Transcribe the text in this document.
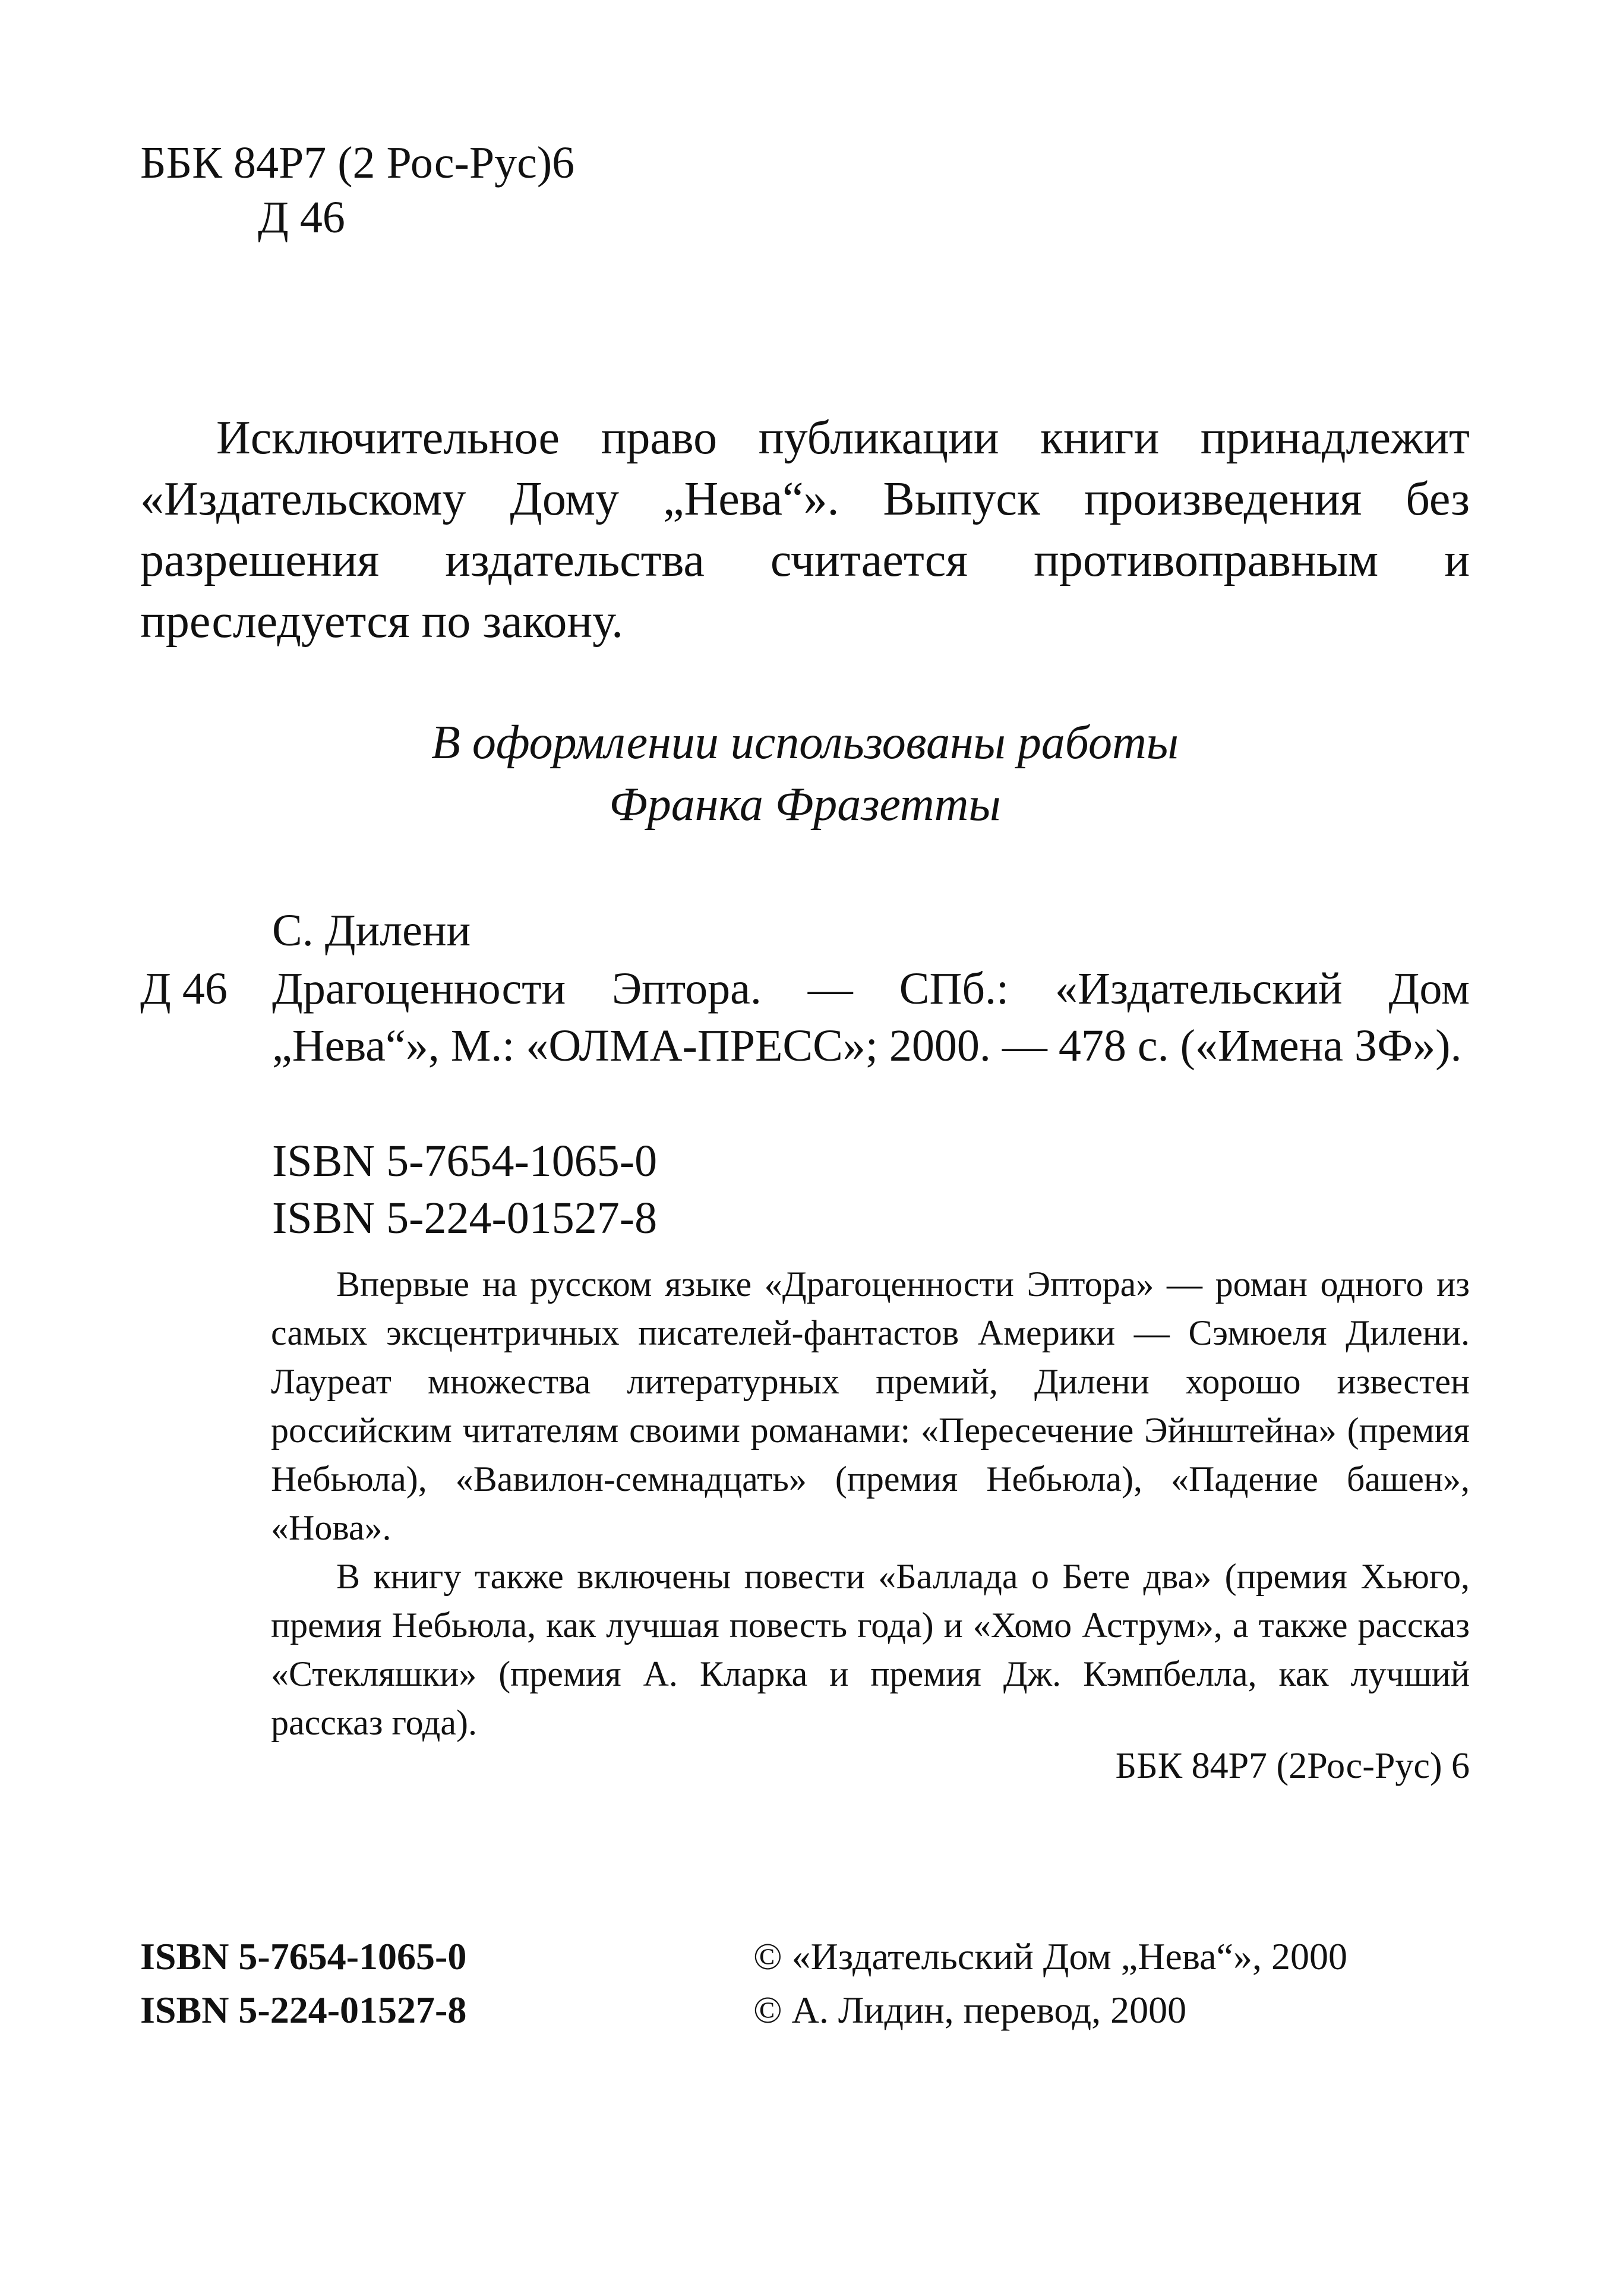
ББК 84Р7 (2 Рос-Рус)6
Д 46
Исключительное право публикации книги принадлежит «Издательскому Дому „Нева“». Выпуск произведения без разрешения издательства считается противоправным и преследуется по закону.
В оформлении использованы работы
Франка Фразетты
С. Дилени
Д 46 Драгоценности Эптора. — СПб.: «Издательский Дом „Нева“», М.: «ОЛМА-ПРЕСС»; 2000. — 478 с. («Имена ЗФ»).
ISBN 5-7654-1065-0
ISBN 5-224-01527-8

Впервые на русском языке «Драгоценности Эптора» — роман одного из самых эксцентричных писателей-фантастов Америки — Сэмюеля Дилени. Лауреат множества литературных премий, Дилени хорошо известен российским читателям своими романами: «Пересечение Эйнштейна» (премия Небьюла), «Вавилон-семнадцать» (премия Небьюла), «Падение башен», «Нова».

В книгу также включены повести «Баллада о Бете два» (премия Хьюго, премия Небьюла, как лучшая повесть года) и «Хомо Аструм», а также рассказ «Стекляшки» (премия А. Кларка и премия Дж. Кэмпбелла, как лучший рассказ года).

ББК 84Р7 (2Рос-Рус) 6
ISBN 5-7654-1065-0
ISBN 5-224-01527-8
© «Издательский Дом „Нева“», 2000
© А. Лидин, перевод, 2000
